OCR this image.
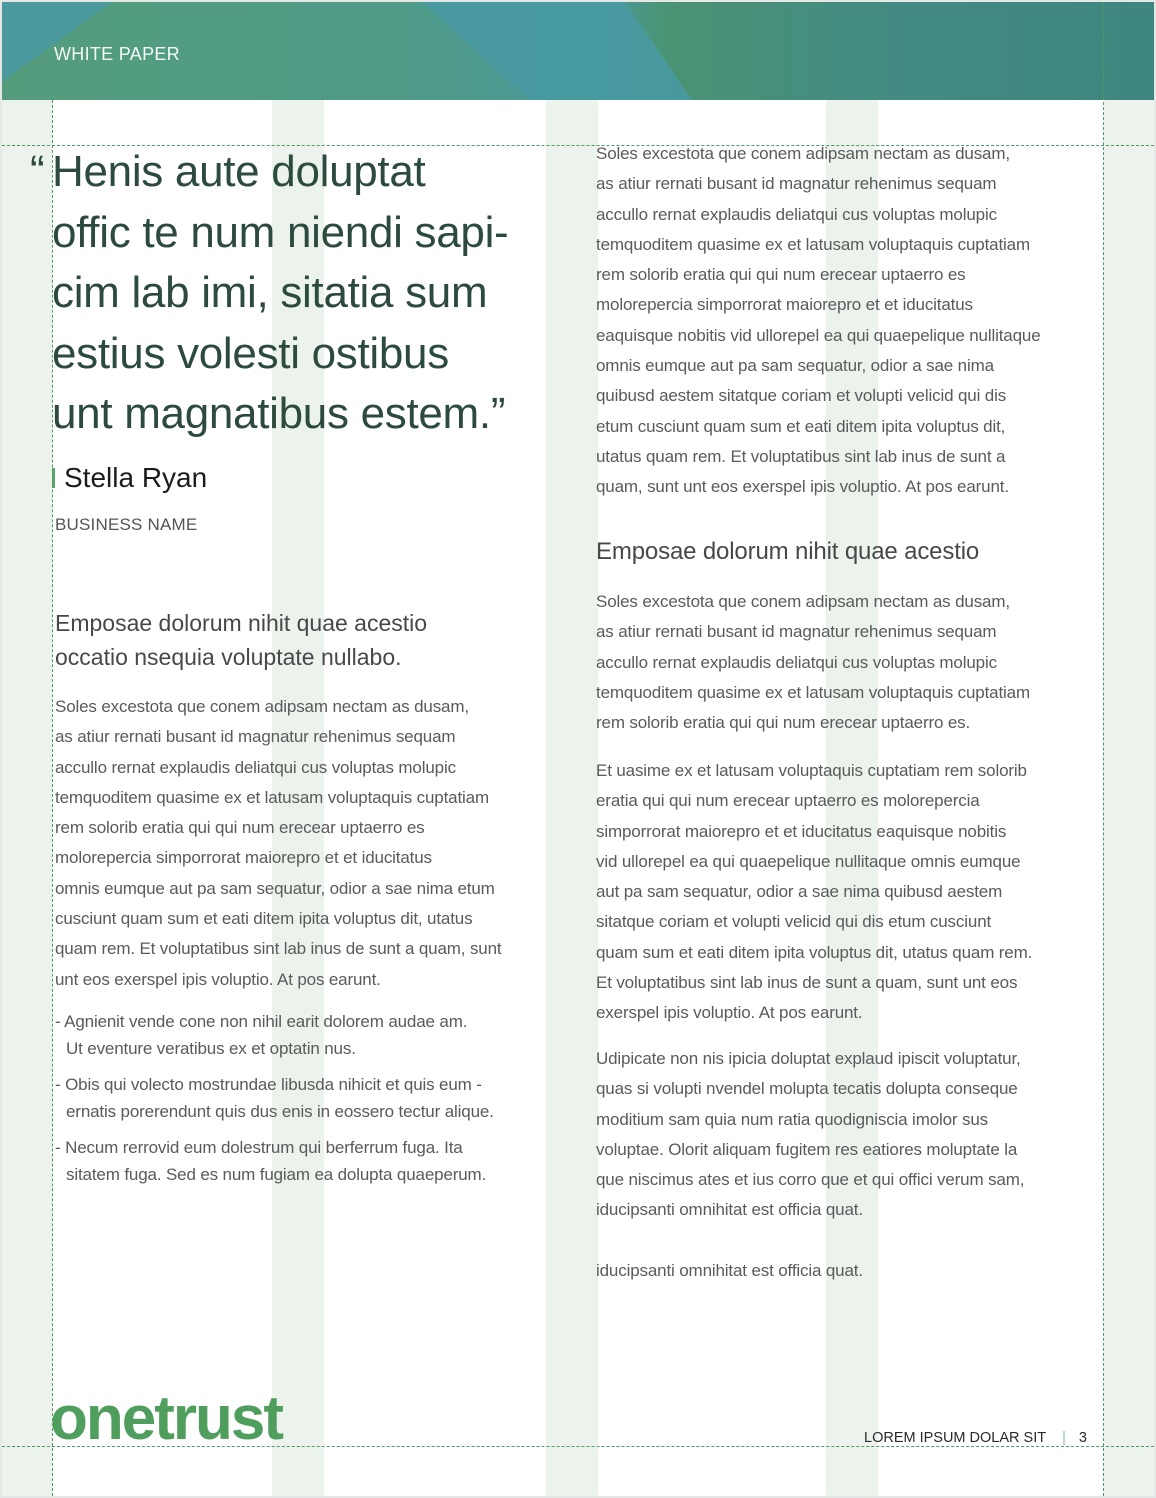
WHITE PAPER
“ Henis aute doluptat
offic te num niendi sapi-
cim lab imi, sitatia sum
estius volesti ostibus
unt magnatibus estem.”
Stella Ryan
BUSINESS NAME
Emposae dolorum nihit quae acestio
occatio nsequia voluptate nullabo.
Soles excestota que conem adipsam nectam as dusam,
as atiur rernati busant id magnatur rehenimus sequam
accullo rernat explaudis deliatqui cus voluptas molupic
temquoditem quasime ex et latusam voluptaquis cuptatiam
rem solorib eratia qui qui num erecear uptaerro es
molorepercia simporrorat maiorepro et et iducitatus
omnis eumque aut pa sam sequatur, odior a sae nima etum
cusciunt quam sum et eati ditem ipita voluptus dit, utatus
quam rem. Et voluptatibus sint lab inus de sunt a quam, sunt
unt eos exerspel ipis voluptio. At pos earunt.
- Agnienit vende cone non nihil earit dolorem audae am.
Ut eventure veratibus ex et optatin nus.
- Obis qui volecto mostrundae libusda nihicit et quis eum -
ernatis porerendunt quis dus enis in eossero tectur alique.
- Necum rerrovid eum dolestrum qui berferrum fuga. Ita
sitatem fuga. Sed es num fugiam ea dolupta quaeperum.
Soles excestota que conem adipsam nectam as dusam,
as atiur rernati busant id magnatur rehenimus sequam
accullo rernat explaudis deliatqui cus voluptas molupic
temquoditem quasime ex et latusam voluptaquis cuptatiam
rem solorib eratia qui qui num erecear uptaerro es
molorepercia simporrorat maiorepro et et iducitatus
eaquisque nobitis vid ullorepel ea qui quaepelique nullitaque
omnis eumque aut pa sam sequatur, odior a sae nima
quibusd aestem sitatque coriam et volupti velicid qui dis
etum cusciunt quam sum et eati ditem ipita voluptus dit,
utatus quam rem. Et voluptatibus sint lab inus de sunt a
quam, sunt unt eos exerspel ipis voluptio. At pos earunt.
Emposae dolorum nihit quae acestio
Soles excestota que conem adipsam nectam as dusam,
as atiur rernati busant id magnatur rehenimus sequam
accullo rernat explaudis deliatqui cus voluptas molupic
temquoditem quasime ex et latusam voluptaquis cuptatiam
rem solorib eratia qui qui num erecear uptaerro es.
Et uasime ex et latusam voluptaquis cuptatiam rem solorib
eratia qui qui num erecear uptaerro es molorepercia
simporrorat maiorepro et et iducitatus eaquisque nobitis
vid ullorepel ea qui quaepelique nullitaque omnis eumque
aut pa sam sequatur, odior a sae nima quibusd aestem
sitatque coriam et volupti velicid qui dis etum cusciunt
quam sum et eati ditem ipita voluptus dit, utatus quam rem.
Et voluptatibus sint lab inus de sunt a quam, sunt unt eos
exerspel ipis voluptio. At pos earunt.
Udipicate non nis ipicia doluptat explaud ipiscit voluptatur,
quas si volupti nvendel molupta tecatis dolupta conseque
moditium sam quia num ratia quodigniscia imolor sus
voluptae. Olorit aliquam fugitem res eatiores moluptate la
que niscimus ates et ius corro que et qui offici verum sam,
iducipsanti omnihitat est officia quat.
iducipsanti omnihitat est officia quat.
onetrust	LOREM IPSUM DOLAR SIT | 3
